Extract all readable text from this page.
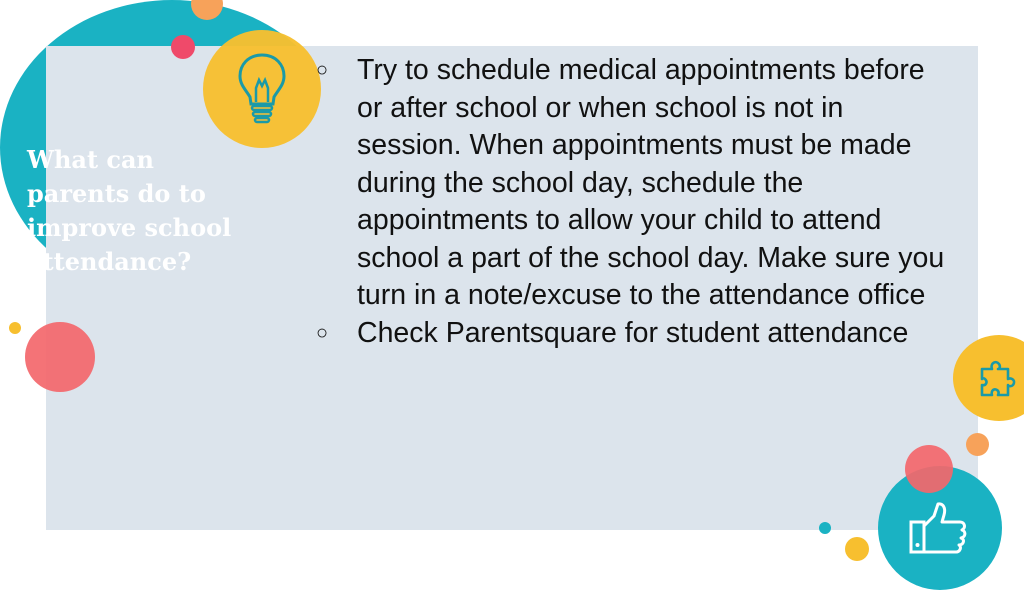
What can parents do to improve school attendance?
○ Try to schedule medical appointments before or after school or when school is not in session. When appointments must be made during the school day, schedule the appointments to allow your child to attend school a part of the school day. Make sure you turn in a note/excuse to the attendance office
○ Check Parentsquare for student attendance
